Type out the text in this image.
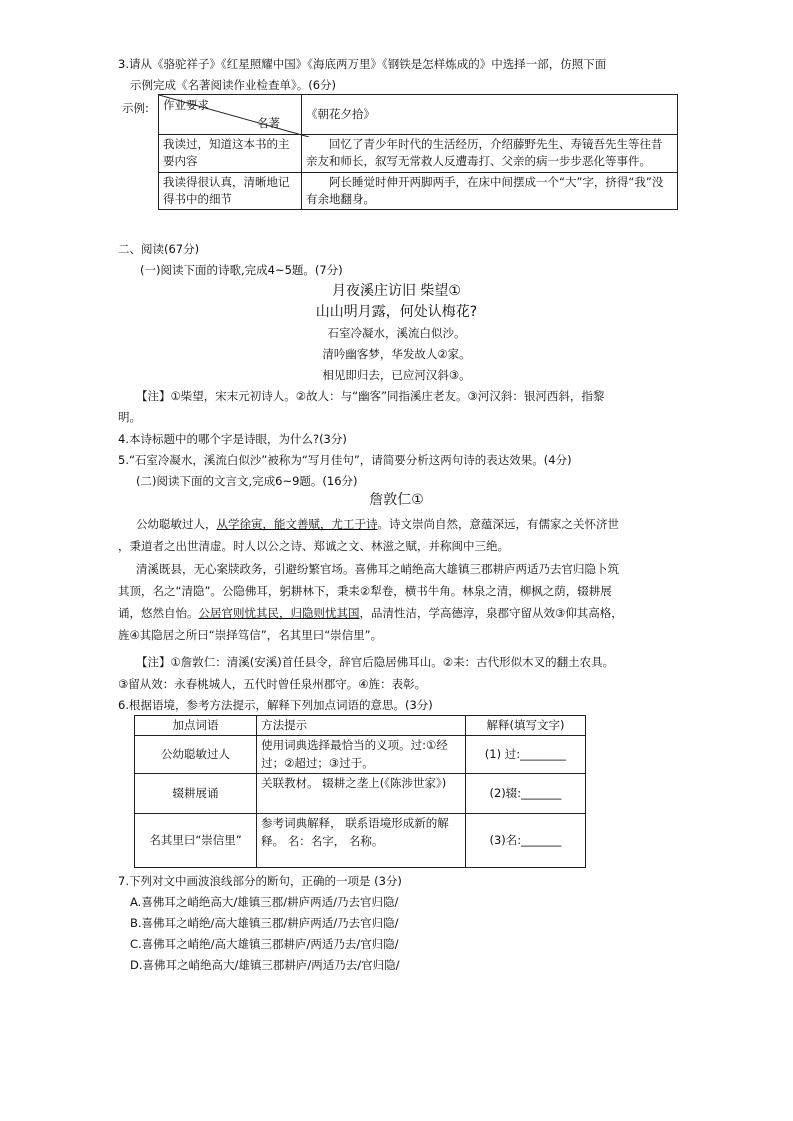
3.请从《骆驼祥子》《红星照耀中国》《海底两万里》《钢铁是怎样炼成的》中选择一部，仿照下面
示例完成《名著阅读作业检查单》。(6分)
示例: 作业要求
名著	《朝花夕拾》
我读过，知道这本书的主要内容	回忆了青少年时代的生活经历，介绍藤野先生、寿镜吾先生等往昔亲友和师长，叙写无常救人反遭毒打、父亲的病一步步恶化等事件。
我读得很认真，清晰地记得书中的细节	阿长睡觉时伸开两脚两手，在床中间摆成一个“大”字，挤得“我”没有余地翻身。
二、阅读(67分)
(一)阅读下面的诗歌,完成4~5题。(7分)
月夜溪庄访旧 柴望①
山山明月露，何处认梅花?
石室冷凝水，溪流白似沙。
清吟幽客梦，华发故人②家。
相见即归去，已应河汉斜③。
【注】①柴望，宋末元初诗人。②故人：与“幽客”同指溪庄老友。③河汉斜：银河西斜，指黎
明。
4.本诗标题中的哪个字是诗眼，为什么?(3分)
5.“石室冷凝水，溪流白似沙”被称为“写月佳句”，请简要分析这两句诗的表达效果。(4分)
(二)阅读下面的文言文,完成6~9题。(16分)
詹敦仁①
公幼聪敏过人，从学徐寅，能文善赋，尤工于诗。诗文崇尚自然，意蕴深远，有儒家之关怀济世
，秉道者之出世清虚。时人以公之诗、郑诚之文、林滋之赋，并称闽中三绝。
清溪既县，无心案牍政务，引避纷繁官场。喜佛耳之峭绝高大雄镇三郡耕庐两适乃去官归隐卜筑
其顶，名之“清隐”。公隐佛耳，躬耕林下，秉耒②犁卷，横书牛角。林泉之清，柳枫之荫，辍耕展
诵，悠然自怡。公居官则忧其民，归隐则忧其国，品清性洁，学高德淳，泉郡守留从效③仰其高格，
旌④其隐居之所曰“崇择笃信”，名其里曰“崇信里”。
【注】①詹敦仁：清溪(安溪)首任县令，辞官后隐居佛耳山。②耒：古代形似木叉的翻土农具。
③留从效：永春桃城人，五代时曾任泉州郡守。④旌：表彰。
6.根据语境，参考方法提示，解释下列加点词语的意思。(3分)
加点词语	方法提示	解释(填写文字)
公幼聪敏过人	使用词典选择最恰当的义项。过:①经过；②超过；③过于。	(1) 过:________
辍耕展诵	关联教材。 辍耕之垄上(《陈涉世家》)	(2)辍:_______
名其里曰“崇信里”	参考词典解释， 联系语境形成新的解释。 名：名字， 名称。	(3)名:_______
7.下列对文中画波浪线部分的断句，正确的一项是 (3分)
A.喜佛耳之峭绝高大/雄镇三郡/耕庐两适/乃去官归隐/
B.喜佛耳之峭绝/高大雄镇三郡/耕庐两适/乃去官归隐/
C.喜佛耳之峭绝/高大雄镇三郡耕庐/两适乃去/官归隐/
D.喜佛耳之峭绝高大/雄镇三郡耕庐/两适乃去/官归隐/
